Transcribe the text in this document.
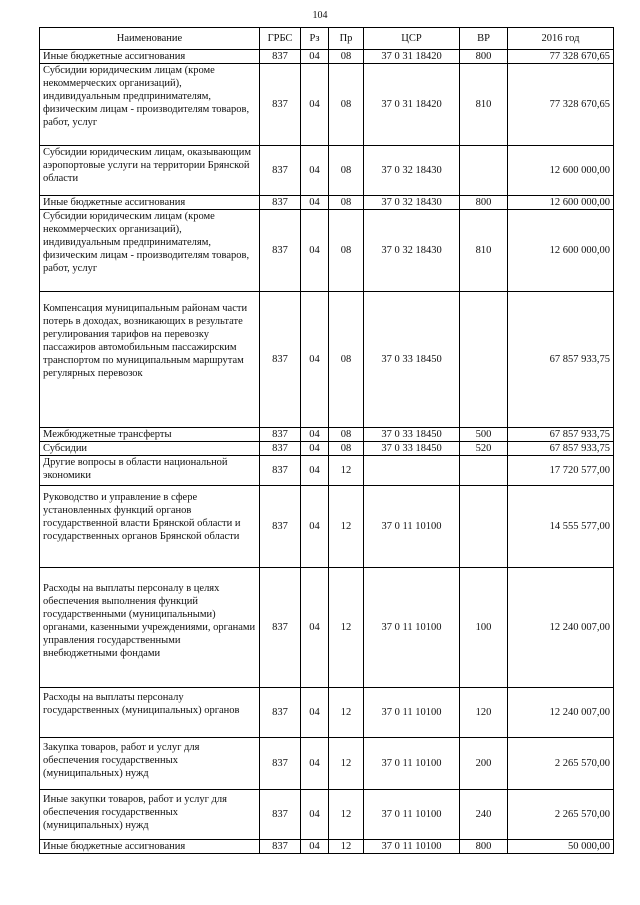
104
Наименование	ГРБС	Рз	Пр	ЦСР	ВР	2016 год
Иные бюджетные ассигнования	837	04	08	37 0 31 18420	800	77 328 670,65
Субсидии юридическим лицам (кроме некоммерческих организаций), индивидуальным предпринимателям, физическим лицам - производителям товаров, работ, услуг	837	04	08	37 0 31 18420	810	77 328 670,65
Субсидии юридическим лицам, оказывающим аэропортовые услуги на территории Брянской области	837	04	08	37 0 32 18430		12 600 000,00
Иные бюджетные ассигнования	837	04	08	37 0 32 18430	800	12 600 000,00
Субсидии юридическим лицам (кроме некоммерческих организаций), индивидуальным предпринимателям, физическим лицам - производителям товаров, работ, услуг	837	04	08	37 0 32 18430	810	12 600 000,00
Компенсация муниципальным районам части потерь в доходах, возникающих в результате регулирования тарифов на перевозку пассажиров автомобильным пассажирским транспортом по муниципальным маршрутам регулярных перевозок	837	04	08	37 0 33 18450		67 857 933,75
Межбюджетные трансферты	837	04	08	37 0 33 18450	500	67 857 933,75
Субсидии	837	04	08	37 0 33 18450	520	67 857 933,75
Другие вопросы в области национальной экономики	837	04	12			17 720 577,00
Руководство и управление в сфере установленных функций органов государственной власти Брянской области и государственных органов Брянской области	837	04	12	37 0 11 10100		14 555 577,00
Расходы на выплаты персоналу в целях обеспечения выполнения функций государственными (муниципальными) органами, казенными учреждениями, органами управления государственными внебюджетными фондами	837	04	12	37 0 11 10100	100	12 240 007,00
Расходы на выплаты персоналу государственных (муниципальных) органов	837	04	12	37 0 11 10100	120	12 240 007,00
Закупка товаров, работ и услуг для обеспечения государственных (муниципальных) нужд	837	04	12	37 0 11 10100	200	2 265 570,00
Иные закупки товаров, работ и услуг для обеспечения государственных (муниципальных) нужд	837	04	12	37 0 11 10100	240	2 265 570,00
Иные бюджетные ассигнования	837	04	12	37 0 11 10100	800	50 000,00
